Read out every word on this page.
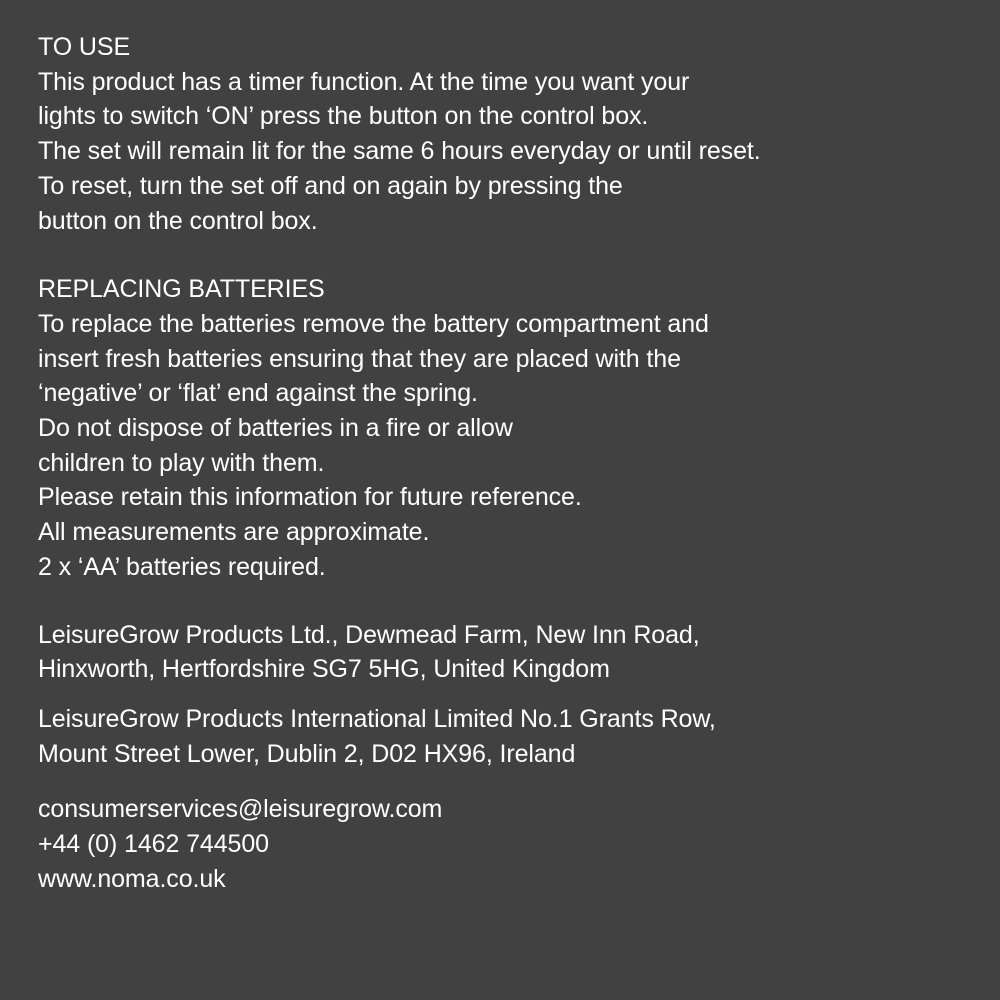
TO USE

This product has a timer function. At the time you want your

lights to switch ‘ON’ press the button on the control box.

The set will remain lit for the same 6 hours everyday or until reset.

To reset, turn the set off and on again by pressing the

button on the control box.

REPLACING BATTERIES

To replace the batteries remove the battery compartment and

insert fresh batteries ensuring that they are placed with the

‘negative’ or ‘flat’ end against the spring.

Do not dispose of batteries in a fire or allow

children to play with them.

Please retain this information for future reference.

All measurements are approximate.

2 x ‘AA’ batteries required.

LeisureGrow Products Ltd., Dewmead Farm, New Inn Road,

Hinxworth, Hertfordshire SG7 5HG, United Kingdom

LeisureGrow Products International Limited No.1 Grants Row,

Mount Street Lower, Dublin 2, D02 HX96, Ireland

consumerservices@leisuregrow.com

+44 (0) 1462 744500

www.noma.co.uk
